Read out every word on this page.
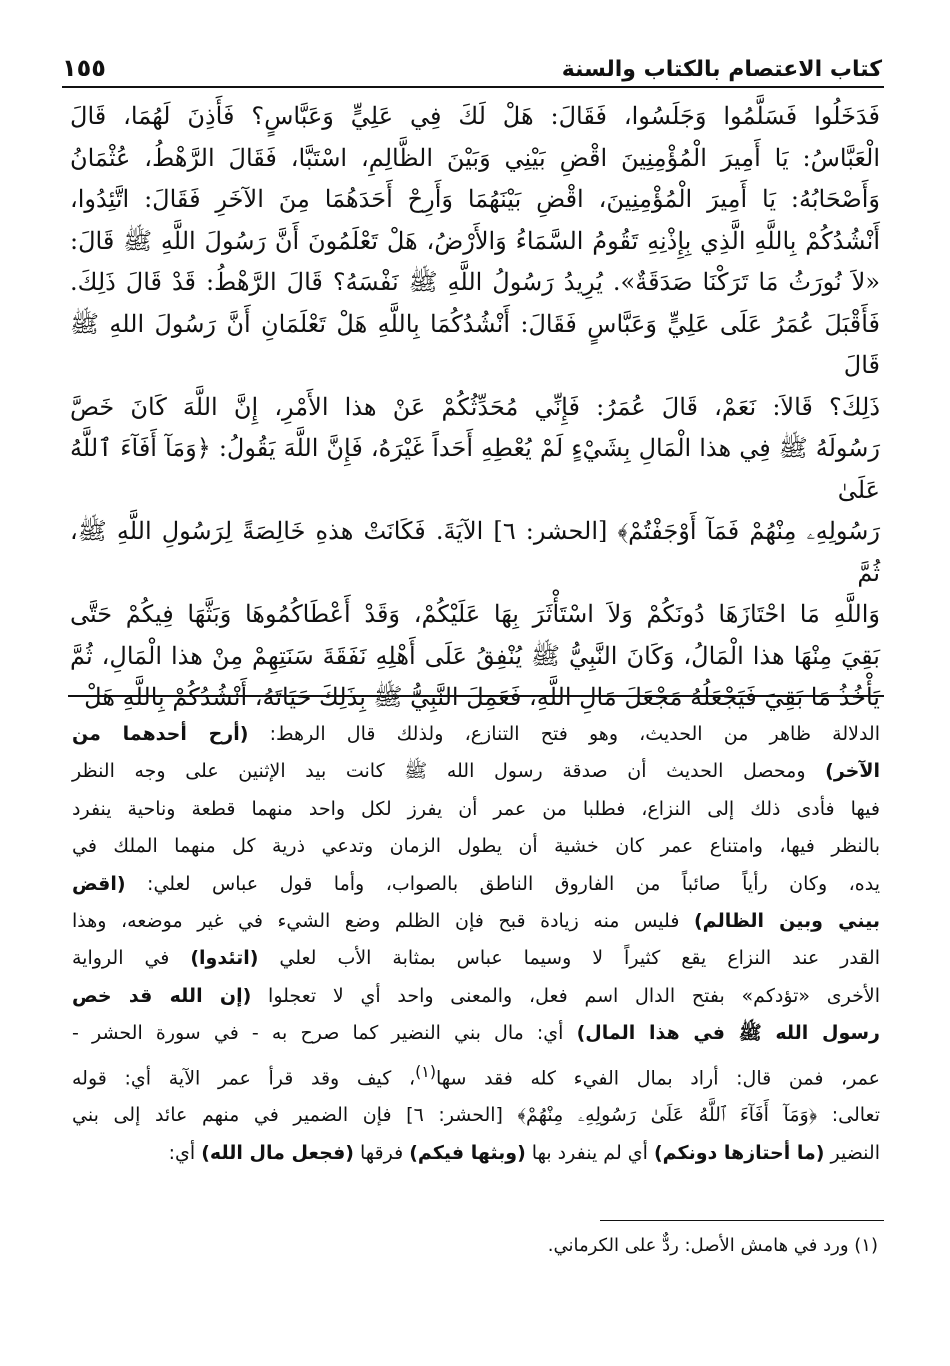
كتاب الاعتصام بالكتاب والسنة
١٥٥

فَدَخَلُوا فَسَلَّمُوا وَجَلَسُوا، فَقَالَ: هَلْ لَكَ فِي عَلِيٍّ وَعَبَّاسٍ؟ فَأَذِنَ لَهُمَا، قَالَ

الْعَبَّاسُ: يَا أَمِيرَ الْمُؤْمِنِينَ اقْضِ بَيْنِي وَبَيْنَ الظَّالِمِ، اسْتَبَّا، فَقَالَ الرَّهْطُ، عُثْمَانُ

وَأَصْحَابُهُ: يَا أَمِيرَ الْمُؤْمِنِينَ، اقْضِ بَيْنَهُمَا وَأَرِحْ أَحَدَهُمَا مِنَ الآخَرِ فَقَالَ: اتَّئِدُوا،

أَنْشُدُكُمْ بِاللَّهِ الَّذِي بِإِذْنِهِ تَقُومُ السَّمَاءُ وَالأَرْضُ، هَلْ تَعْلَمُونَ أَنَّ رَسُولَ اللَّهِ ﷺ قَالَ:

«لاَ نُورَثُ مَا تَرَكْنَا صَدَقَةٌ». يُرِيدُ رَسُولُ اللَّهِ ﷺ نَفْسَهُ؟ قَالَ الرَّهْطُ: قَدْ قَالَ ذَلِكَ.

فَأَقْبَلَ عُمَرُ عَلَى عَلِيٍّ وَعَبَّاسٍ فَقَالَ: أَنْشُدُكُمَا بِاللَّهِ هَلْ تَعْلَمَانِ أَنَّ رَسُولَ اللهِ ﷺ قَالَ

ذَلِكَ؟ قَالاَ: نَعَمْ، قَالَ عُمَرُ: فَإِنِّي مُحَدِّثُكُمْ عَنْ هذا الأَمْرِ، إِنَّ اللَّهَ كَانَ خَصَّ

رَسُولَهُ ﷺ فِي هذا الْمَالِ بِشَيْءٍ لَمْ يُعْطِهِ أَحَداً غَيْرَهُ، فَإِنَّ اللَّهَ يَقُولُ: ﴿وَمَآ أَفَآءَ ٱللَّهُ عَلَىٰ

رَسُولِهِۦ مِنْهُمْ فَمَآ أَوْجَفْتُمْ﴾ [الحشر: ٦] الآيَةَ. فَكَانَتْ هذهِ خَالِصَةً لِرَسُولِ اللَّهِ ﷺ، ثُمَّ

وَاللَّهِ مَا احْتَازَهَا دُونَكُمْ وَلاَ اسْتَأْثَرَ بِهَا عَلَيْكُمْ، وَقَدْ أَعْطَاكُمُوهَا وَبَثَّهَا فِيكُمْ حَتَّى

بَقِيَ مِنْهَا هذا الْمَالُ، وَكَانَ النَّبِيُّ ﷺ يُنْفِقُ عَلَى أَهْلِهِ نَفَقَةَ سَنَتِهِمْ مِنْ هذا الْمَالِ، ثُمَّ

يَأْخُذُ مَا بَقِيَ فَيَجْعَلُهُ مَجْعَلَ مَالِ اللَّهِ، فَعَمِلَ النَّبِيُّ ﷺ بِذَلِكَ حَيَاتَهُ، أَنْشُدُكُمْ بِاللَّهِ هَلْ

الدلالة ظاهر من الحديث، وهو فتح التنازع، ولذلك قال الرهط: (أرح أحدهما من

الآخر) ومحصل الحديث أن صدقة رسول الله ﷺ كانت بيد الإثنين على وجه النظر

فيها فأدى ذلك إلى النزاع، فطلبا من عمر أن يفرز لكل واحد منهما قطعة وناحية ينفرد

بالنظر فيها، وامتناع عمر كان خشية أن يطول الزمان وتدعي ذرية كل منهما الملك في

يده، وكان رأياً صائباً من الفاروق الناطق بالصواب، وأما قول عباس لعلي: (اقض

بيني وبين الظالم) فليس منه زيادة قبح فإن الظلم وضع الشيء في غير موضعه، وهذا

القدر عند النزاع يقع كثيراً لا وسيما عباس بمثابة الأب لعلي (اتئدوا) في الرواية

الأخرى «تؤدكم» بفتح الدال اسم فعل، والمعنى واحد أي لا تعجلوا (إن الله قد خص

رسول الله ﷺ في هذا المال) أي: مال بني النضير كما صرح به - في سورة الحشر -

عمر، فمن قال: أراد بمال الفيء كله فقد سها$^{(١)}$، كيف وقد قرأ عمر الآية أي: قوله

تعالى: ﴿وَمَآ أَفَآءَ ٱللَّهُ عَلَىٰ رَسُولِهِۦ مِنْهُمْ﴾ [الحشر: ٦] فإن الضمير في منهم عائد إلى بني

النضير (ما أحتازها دونكم) أي لم ينفرد بها (وبثها فيكم) فرقها (فجعل مال الله) أي:

(١) ورد في هامش الأصل: ردٌّ على الكرماني.
